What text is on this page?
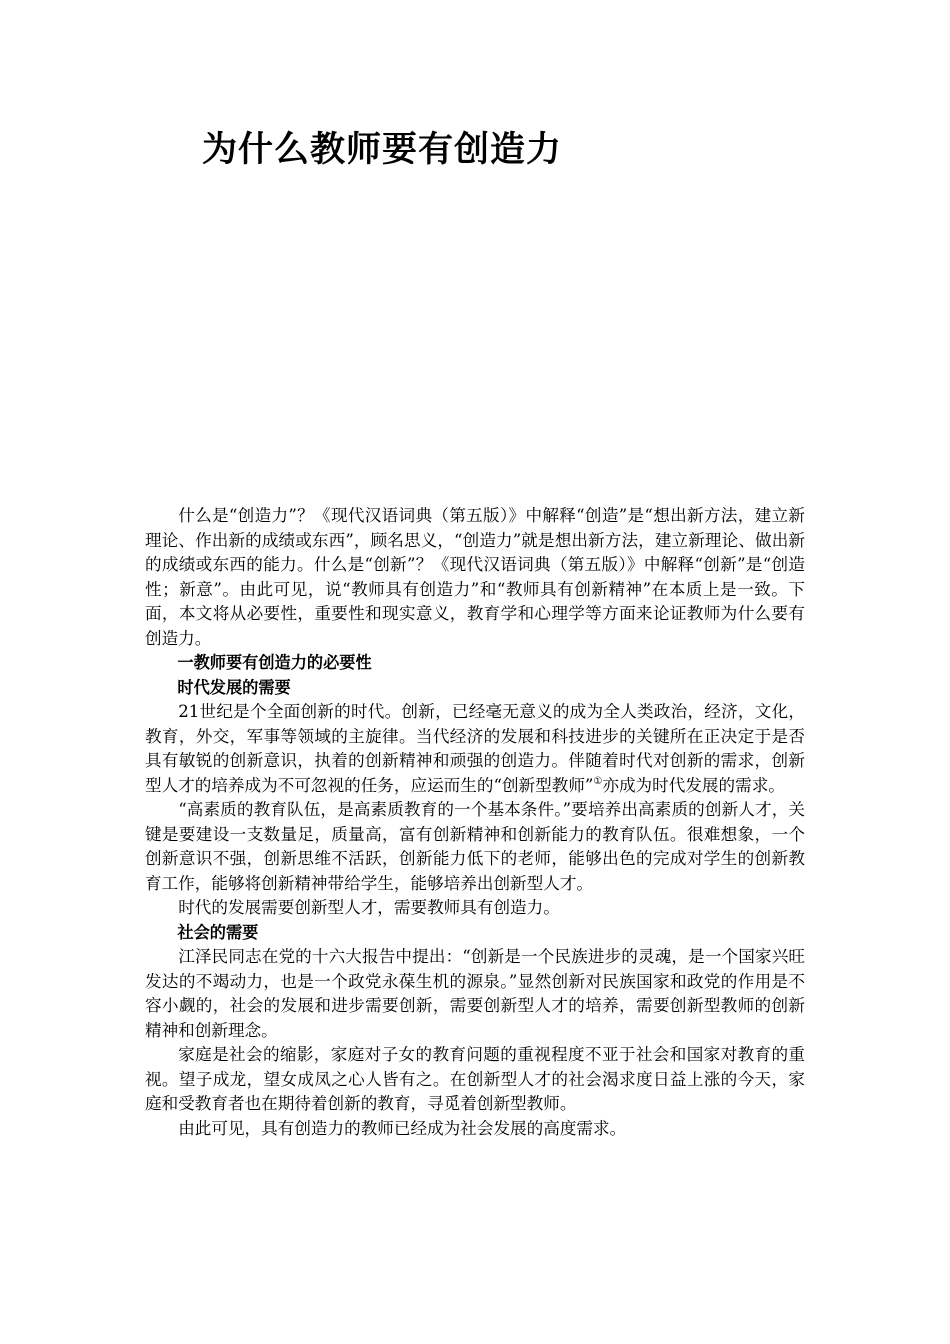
为什么教师要有创造力

什么是“创造力”？《现代汉语词典（第五版）》中解释“创造”是“想出新方法，建立新理论、作出新的成绩或东西”，顾名思义，“创造力”就是想出新方法，建立新理论、做出新的成绩或东西的能力。什么是“创新”？《现代汉语词典（第五版）》中解释“创新”是“创造性；新意”。由此可见，说“教师具有创造力”和“教师具有创新精神”在本质上是一致。下面，本文将从必要性，重要性和现实意义，教育学和心理学等方面来论证教师为什么要有创造力。

一教师要有创造力的必要性

时代发展的需要

21世纪是个全面创新的时代。创新，已经毫无意义的成为全人类政治，经济，文化，教育，外交，军事等领域的主旋律。当代经济的发展和科技进步的关键所在正决定于是否具有敏锐的创新意识，执着的创新精神和顽强的创造力。伴随着时代对创新的需求，创新型人才的培养成为不可忽视的任务，应运而生的“创新型教师”①亦成为时代发展的需求。

“高素质的教育队伍，是高素质教育的一个基本条件。”要培养出高素质的创新人才，关键是要建设一支数量足，质量高，富有创新精神和创新能力的教育队伍。很难想象，一个创新意识不强，创新思维不活跃，创新能力低下的老师，能够出色的完成对学生的创新教育工作，能够将创新精神带给学生，能够培养出创新型人才。

时代的发展需要创新型人才，需要教师具有创造力。

社会的需要

江泽民同志在党的十六大报告中提出：“创新是一个民族进步的灵魂，是一个国家兴旺发达的不竭动力，也是一个政党永葆生机的源泉。”显然创新对民族国家和政党的作用是不容小觑的，社会的发展和进步需要创新，需要创新型人才的培养，需要创新型教师的创新精神和创新理念。

家庭是社会的缩影，家庭对子女的教育问题的重视程度不亚于社会和国家对教育的重视。望子成龙，望女成凤之心人皆有之。在创新型人才的社会渴求度日益上涨的今天，家庭和受教育者也在期待着创新的教育，寻觅着创新型教师。

由此可见，具有创造力的教师已经成为社会发展的高度需求。
